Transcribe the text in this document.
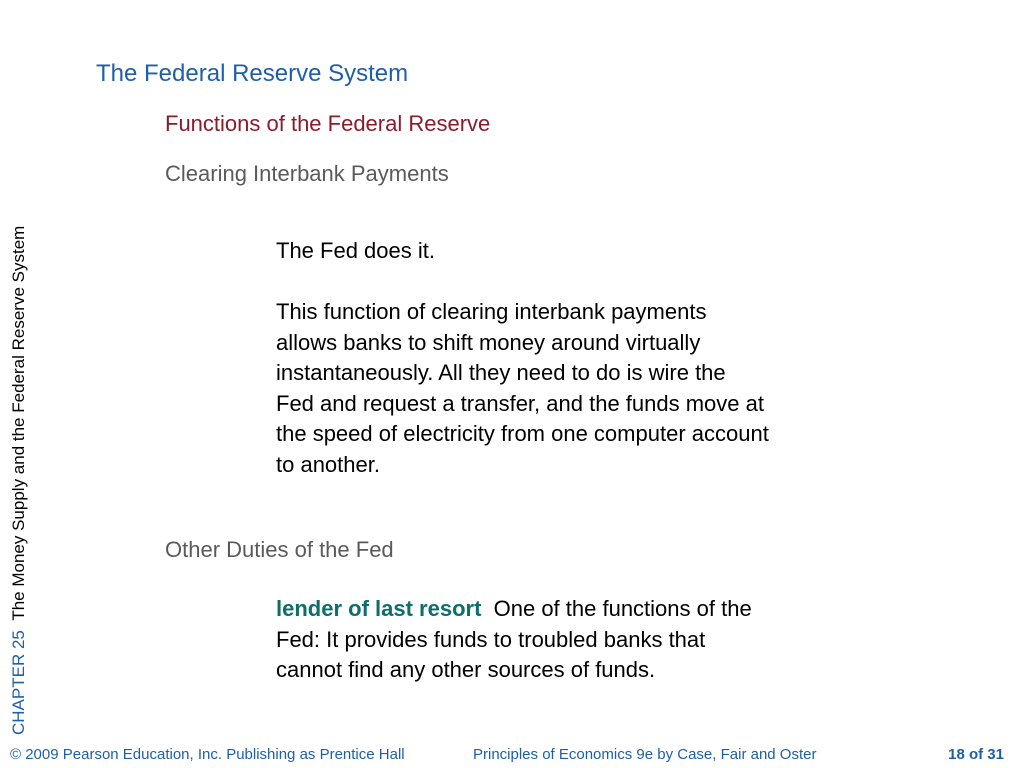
CHAPTER 25  The Money Supply and the Federal Reserve System
The Federal Reserve System
Functions of the Federal Reserve
Clearing Interbank Payments
The Fed does it.
This function of clearing interbank payments
allows banks to shift money around virtually
instantaneously. All they need to do is wire the
Fed and request a transfer, and the funds move at
the speed of electricity from one computer account
to another.
Other Duties of the Fed
lender of last resort One of the functions of the
Fed: It provides funds to troubled banks that
cannot find any other sources of funds.
© 2009 Pearson Education, Inc. Publishing as Prentice Hall	Principles of Economics 9e by Case, Fair and Oster	18 of 31
